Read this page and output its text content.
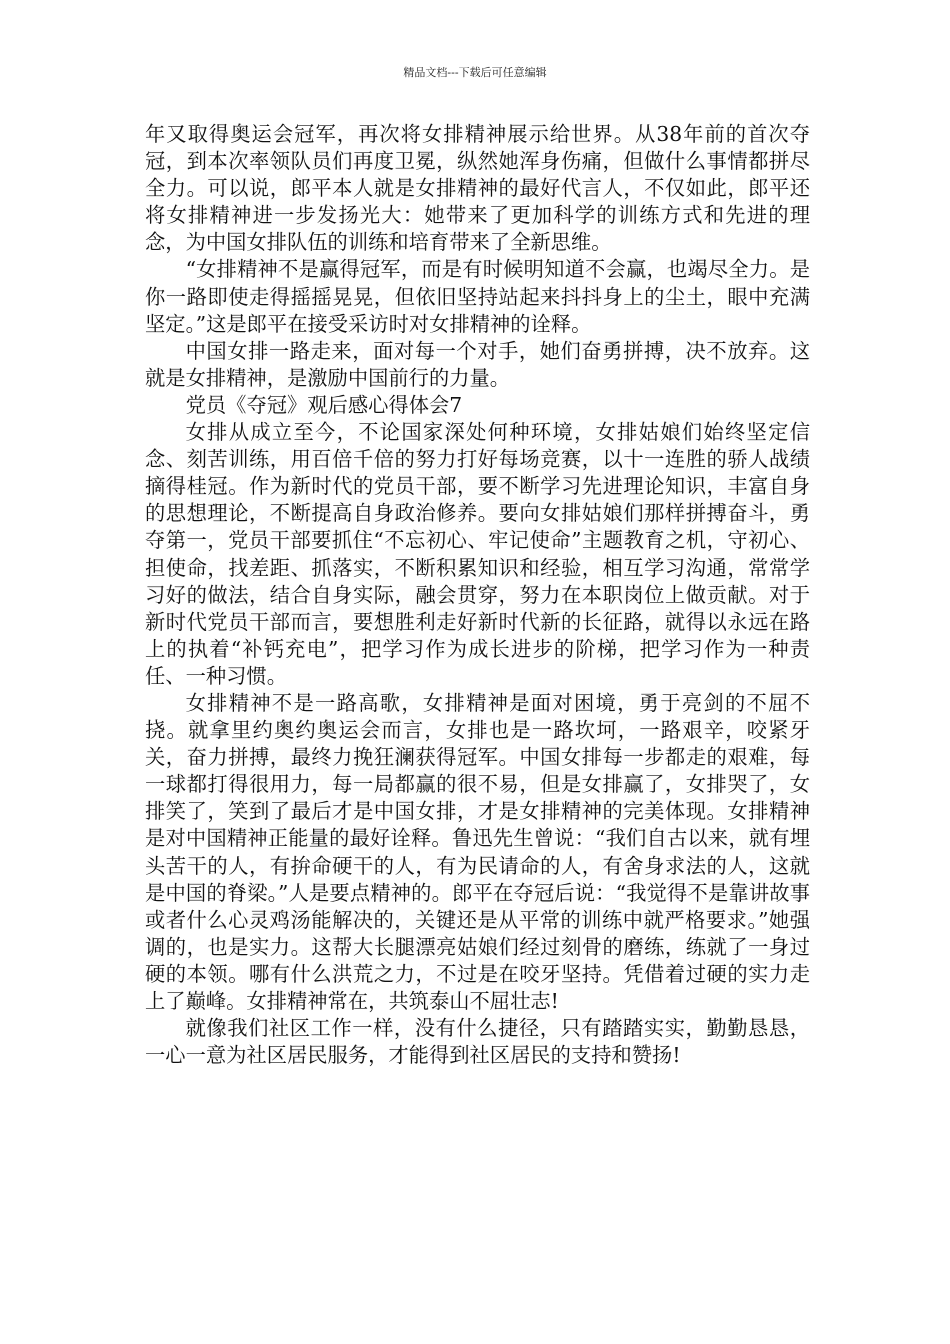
精品文档---下载后可任意编辑

年又取得奥运会冠军，再次将女排精神展示给世界。从38年前的首次夺冠，到本次率领队员们再度卫冕，纵然她浑身伤痛，但做什么事情都拼尽全力。可以说，郎平本人就是女排精神的最好代言人，不仅如此，郎平还将女排精神进一步发扬光大：她带来了更加科学的训练方式和先进的理念，为中国女排队伍的训练和培育带来了全新思维。

“女排精神不是赢得冠军，而是有时候明知道不会赢，也竭尽全力。是你一路即使走得摇摇晃晃，但依旧坚持站起来抖抖身上的尘土，眼中充满坚定。”这是郎平在接受采访时对女排精神的诠释。

中国女排一路走来，面对每一个对手，她们奋勇拼搏，决不放弃。这就是女排精神，是激励中国前行的力量。

党员《夺冠》观后感心得体会7

女排从成立至今，不论国家深处何种环境，女排姑娘们始终坚定信念、刻苦训练，用百倍千倍的努力打好每场竞赛，以十一连胜的骄人战绩摘得桂冠。作为新时代的党员干部，要不断学习先进理论知识，丰富自身的思想理论，不断提高自身政治修养。要向女排姑娘们那样拼搏奋斗，勇夺第一，党员干部要抓住“不忘初心、牢记使命”主题教育之机，守初心、担使命，找差距、抓落实，不断积累知识和经验，相互学习沟通，常常学习好的做法，结合自身实际，融会贯穿，努力在本职岗位上做贡献。对于新时代党员干部而言，要想胜利走好新时代新的长征路，就得以永远在路上的执着“补钙充电”，把学习作为成长进步的阶梯，把学习作为一种责任、一种习惯。

女排精神不是一路高歌，女排精神是面对困境，勇于亮剑的不屈不挠。就拿里约奥约奥运会而言，女排也是一路坎坷，一路艰辛，咬紧牙关，奋力拼搏，最终力挽狂澜获得冠军。中国女排每一步都走的艰难，每一球都打得很用力，每一局都赢的很不易，但是女排赢了，女排哭了，女排笑了，笑到了最后才是中国女排，才是女排精神的完美体现。女排精神是对中国精神正能量的最好诠释。鲁迅先生曾说：“我们自古以来，就有埋头苦干的人，有拚命硬干的人，有为民请命的人，有舍身求法的人，这就是中国的脊梁。”人是要点精神的。郎平在夺冠后说：“我觉得不是靠讲故事或者什么心灵鸡汤能解决的，关键还是从平常的训练中就严格要求。”她强调的，也是实力。这帮大长腿漂亮姑娘们经过刻骨的磨练，练就了一身过硬的本领。哪有什么洪荒之力，不过是在咬牙坚持。凭借着过硬的实力走上了巅峰。女排精神常在，共筑泰山不屈壮志!

就像我们社区工作一样，没有什么捷径，只有踏踏实实，勤勤恳恳，一心一意为社区居民服务，才能得到社区居民的支持和赞扬!
